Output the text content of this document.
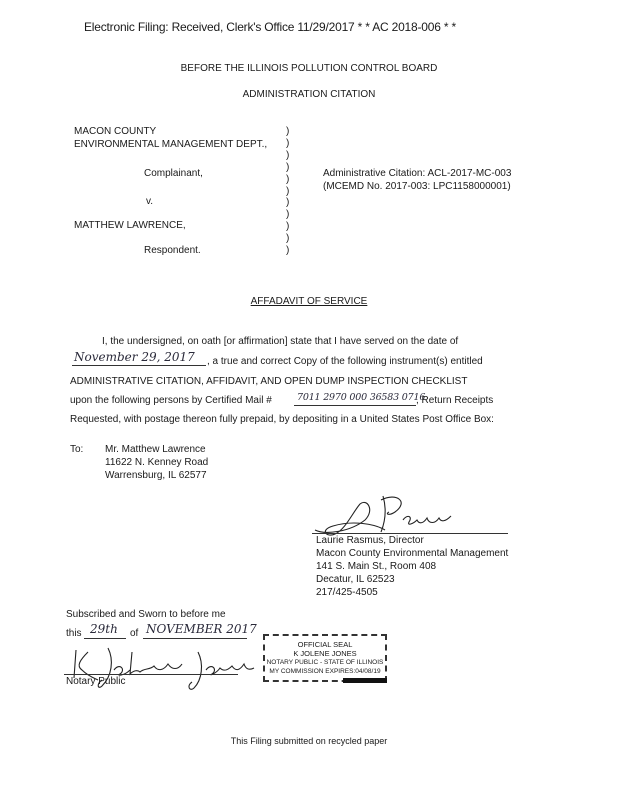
Electronic Filing: Received, Clerk's Office 11/29/2017 * * AC 2018-006 * *
BEFORE THE ILLINOIS POLLUTION CONTROL BOARD
ADMINISTRATION CITATION
MACON COUNTY
ENVIRONMENTAL MANAGEMENT DEPT.,
Complainant,
v.
MATTHEW LAWRENCE,
Respondent.
)
)
)
)
)
)
)
)
)
)
)
Administrative Citation: ACL-2017-MC-003
(MCEMD No. 2017-003: LPC1158000001)
AFFADAVIT OF SERVICE
I, the undersigned, on oath [or affirmation] state that I have served on the date of
November 29, 2017 , a true and correct Copy of the following instrument(s) entitled
ADMINISTRATIVE CITATION, AFFIDAVIT, AND OPEN DUMP INSPECTION CHECKLIST
upon the following persons by Certified Mail #	7011 2970 000 36583 0716
, Return Receipts
Requested, with postage thereon fully prepaid, by depositing in a United States Post Office Box:
To: Mr. Matthew Lawrence
11622 N. Kenney Road
Warrensburg, IL 62577
Laurie Rasmus, Director
Macon County Environmental Management
141 S. Main St., Room 408
Decatur, IL 62523
217/425-4505
Subscribed and Sworn to before me
this 29th of NOVEMBER 2017
Notary Public
OFFICIAL SEAL
K JOLENE JONES
NOTARY PUBLIC - STATE OF ILLINOIS
MY COMMISSION EXPIRES:04/08/19
This Filing submitted on recycled paper
